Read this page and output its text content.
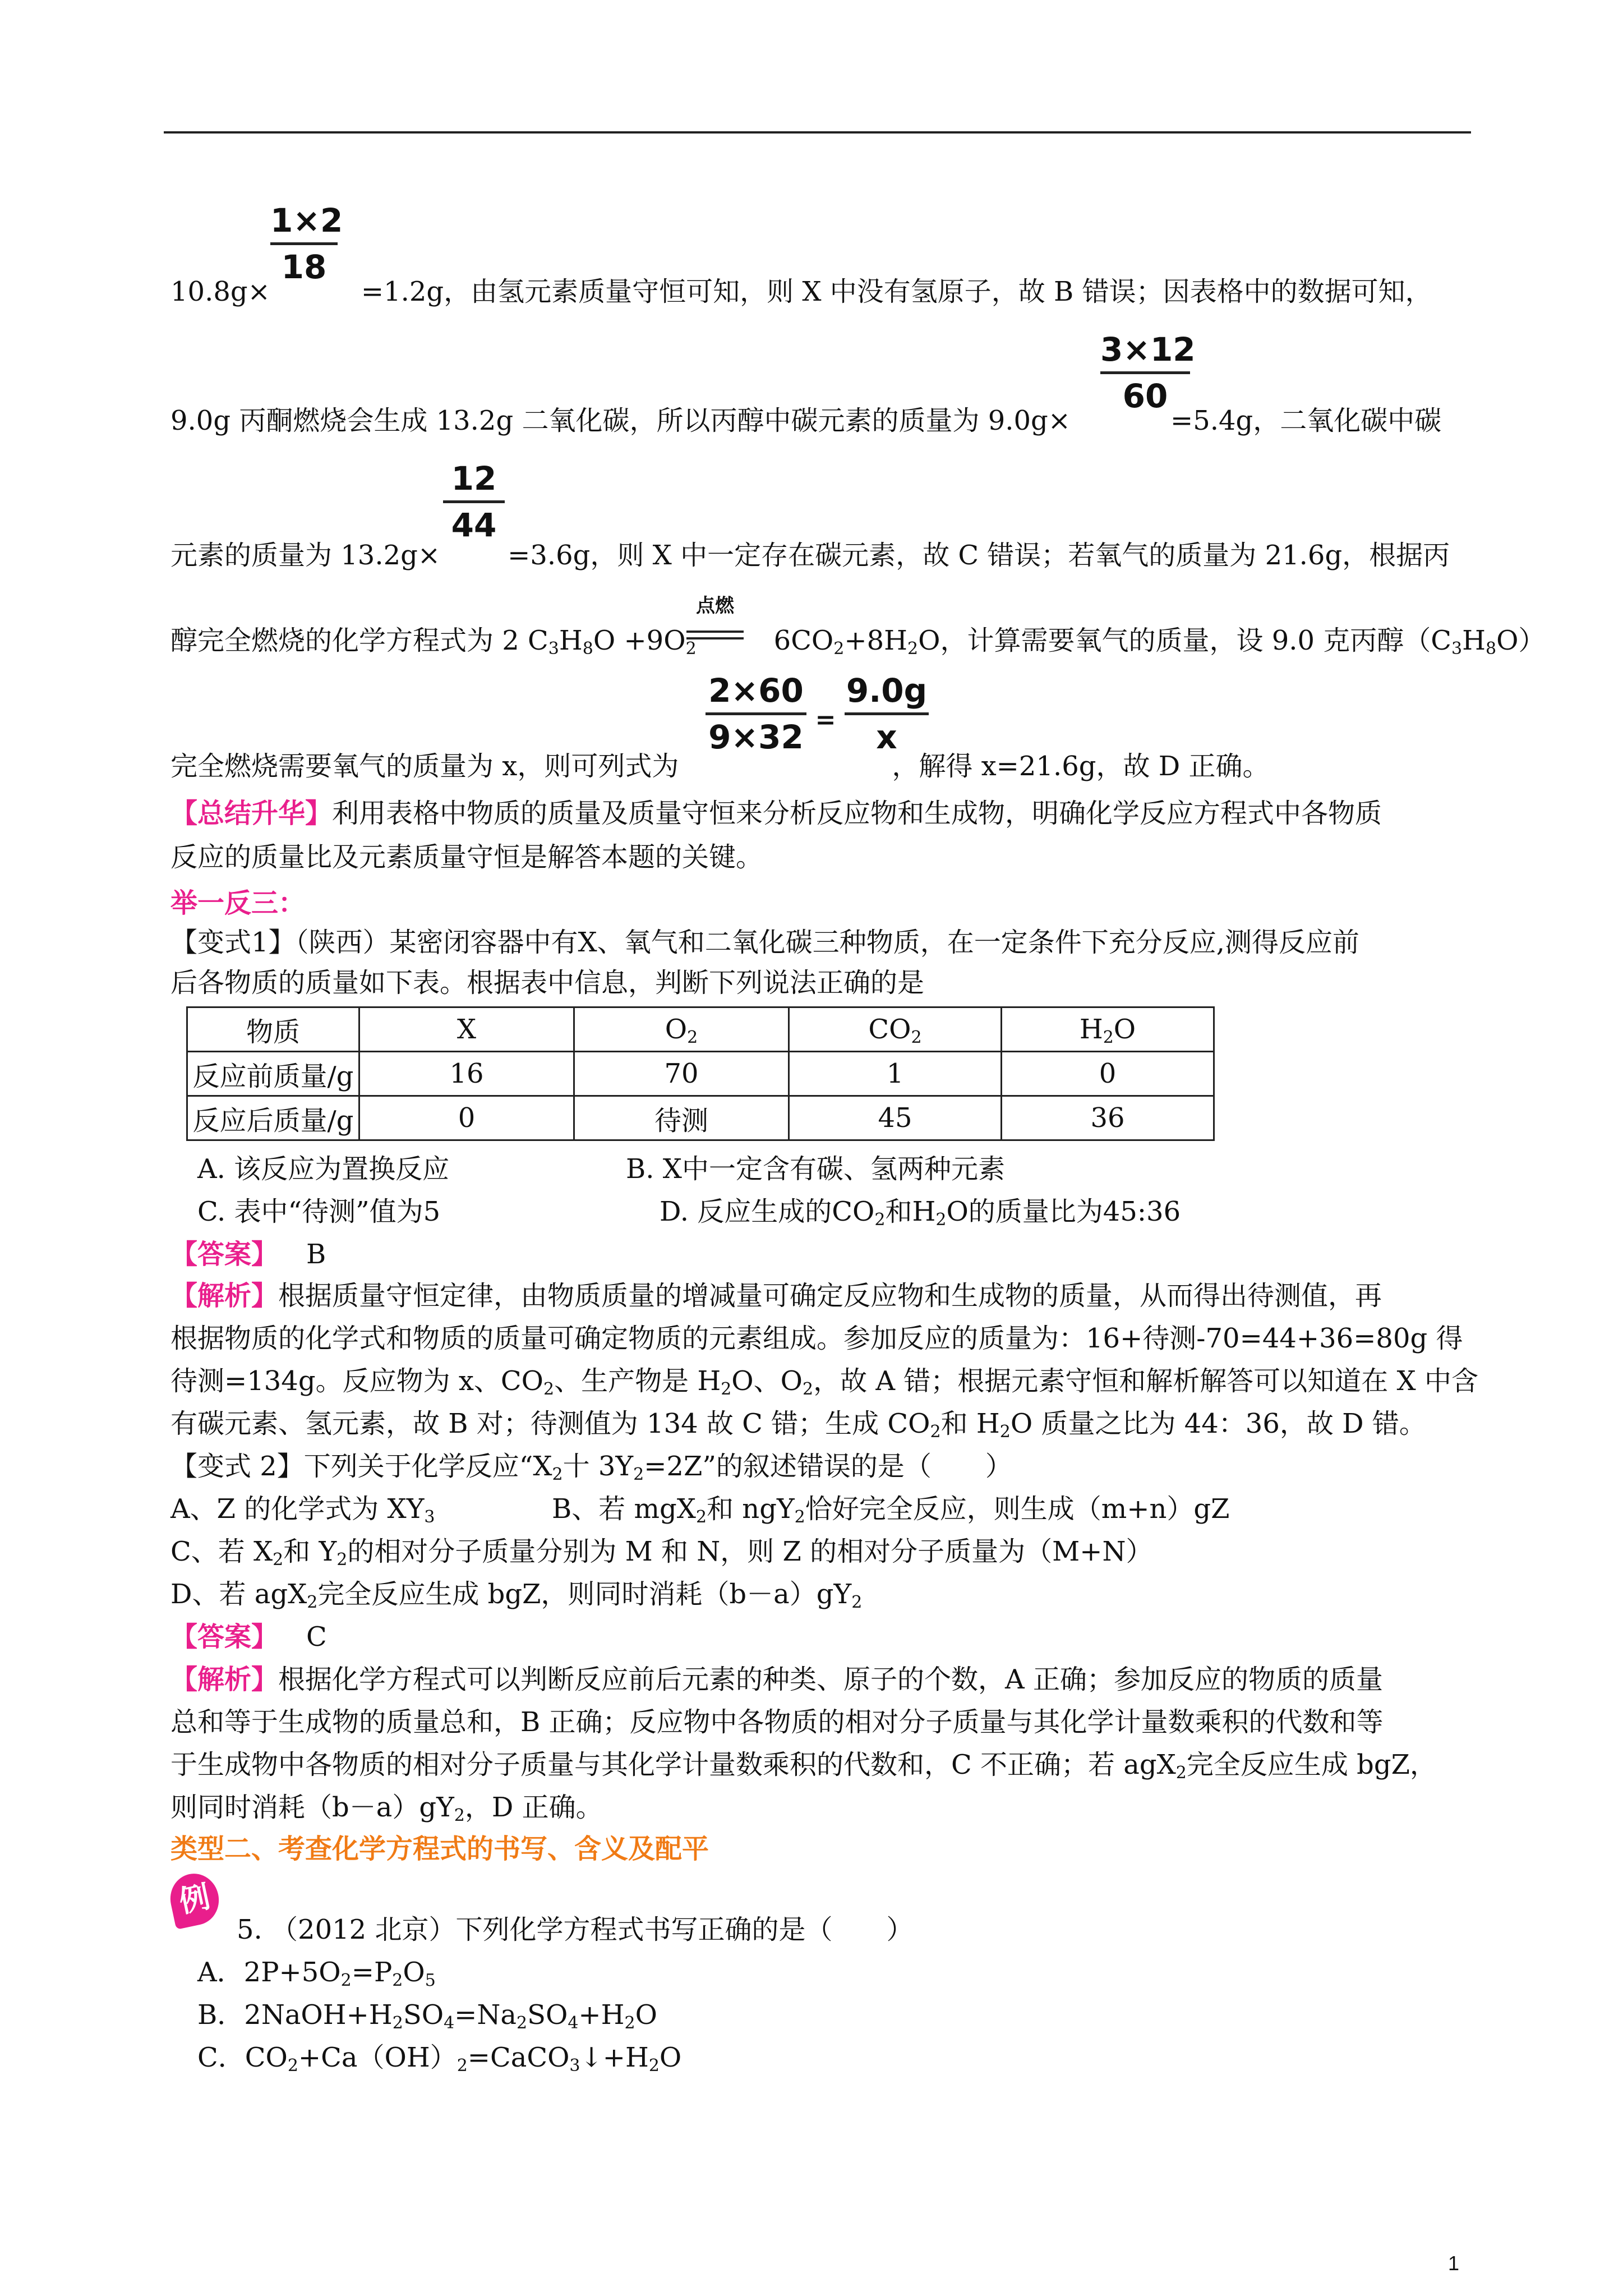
1×2
18
10.8g×	=1.2g，由氢元素质量守恒可知，则 X 中没有氢原子，故 B 错误；因表格中的数据可知，
3×12
60
9.0g 丙酮燃烧会生成 13.2g 二氧化碳，所以丙醇中碳元素的质量为 9.0g×	=5.4g，二氧化碳中碳
12
44
元素的质量为 13.2g×	=3.6g，则 X 中一定存在碳元素，故 C 错误；若氧气的质量为 21.6g，根据丙
点燃
醇完全燃烧的化学方程式为 2 $C_3H_8O +9O_2$	$6CO_2+8H_2O$，计算需要氧气的质量，设 9.0 克丙醇$(C_3H_8O)$
2×60
9×32
9.0g
x
=
完全燃烧需要氧气的质量为 x，则可列式为	，解得 x=21.6g，故 D 正确。
【总结升华】利用表格中物质的质量及质量守恒来分析反应物和生成物，明确化学反应方程式中各物质
反应的质量比及元素质量守恒是解答本题的关键。
举一反三：
【变式1】（陕西）某密闭容器中有X、氧气和二氧化碳三种物质，在一定条件下充分反应,测得反应前
后各物质的质量如下表。根据表中信息，判断下列说法正确的是
物质	X	$O_2$	$CO_2$	$H_2O$
反应前质量/g	16	70	1	0
反应后质量/g	0	待测	45	36
A. 该反应为置换反应	B. X中一定含有碳、氢两种元素
C. 表中“待测”值为5	D. 反应生成的$CO_2$和$H_2O$的质量比为45:36
【答案】 B
【解析】根据质量守恒定律，由物质质量的增减量可确定反应物和生成物的质量，从而得出待测值，再
根据物质的化学式和物质的质量可确定物质的元素组成。参加反应的质量为：16+待测-70=44+36=80g 得
待测=134g。反应物为 x、$CO_2$、生产物是 $H_2O$、$O_2$，故 A 错；根据元素守恒和解析解答可以知道在 X 中含
有碳元素、氢元素，故 B 对；待测值为 134 故 C 错；生成 $CO_2$和 $H_2O$ 质量之比为 44：36，故 D 错。
【变式 2】下列关于化学反应“$X_2$十 $3Y_2=2Z$”的叙述错误的是（　　）
A、Z 的化学式为 $XY_3$	B、若 mgX$_2$和 ngY$_2$恰好完全反应，则生成（m+n）gZ
C、若 $X_2$和 $Y_2$的相对分子质量分别为 M 和 N，则 Z 的相对分子质量为（M+N）
D、若 agX$_2$完全反应生成 bgZ，则同时消耗$(b-a)gY_2$
【答案】 C
【解析】根据化学方程式可以判断反应前后元素的种类、原子的个数，A 正确；参加反应的物质的质量
总和等于生成物的质量总和，B 正确；反应物中各物质的相对分子质量与其化学计量数乘积的代数和等
于生成物中各物质的相对分子质量与其化学计量数乘积的代数和，C 不正确；若 agX$_2$完全反应生成 bgZ，
则同时消耗$(b-a)gY_2$，D 正确。
类型二、考查化学方程式的书写、含义及配平
例
5. （2012 北京）下列化学方程式书写正确的是（　　）
A．$2P+5O_2=P_2O_5$
B．$2NaOH+H_2SO_4=Na_2SO_4+H_2O$
C．$CO_2+Ca(OH)_2=CaCO_3↓+H_2O$
1
